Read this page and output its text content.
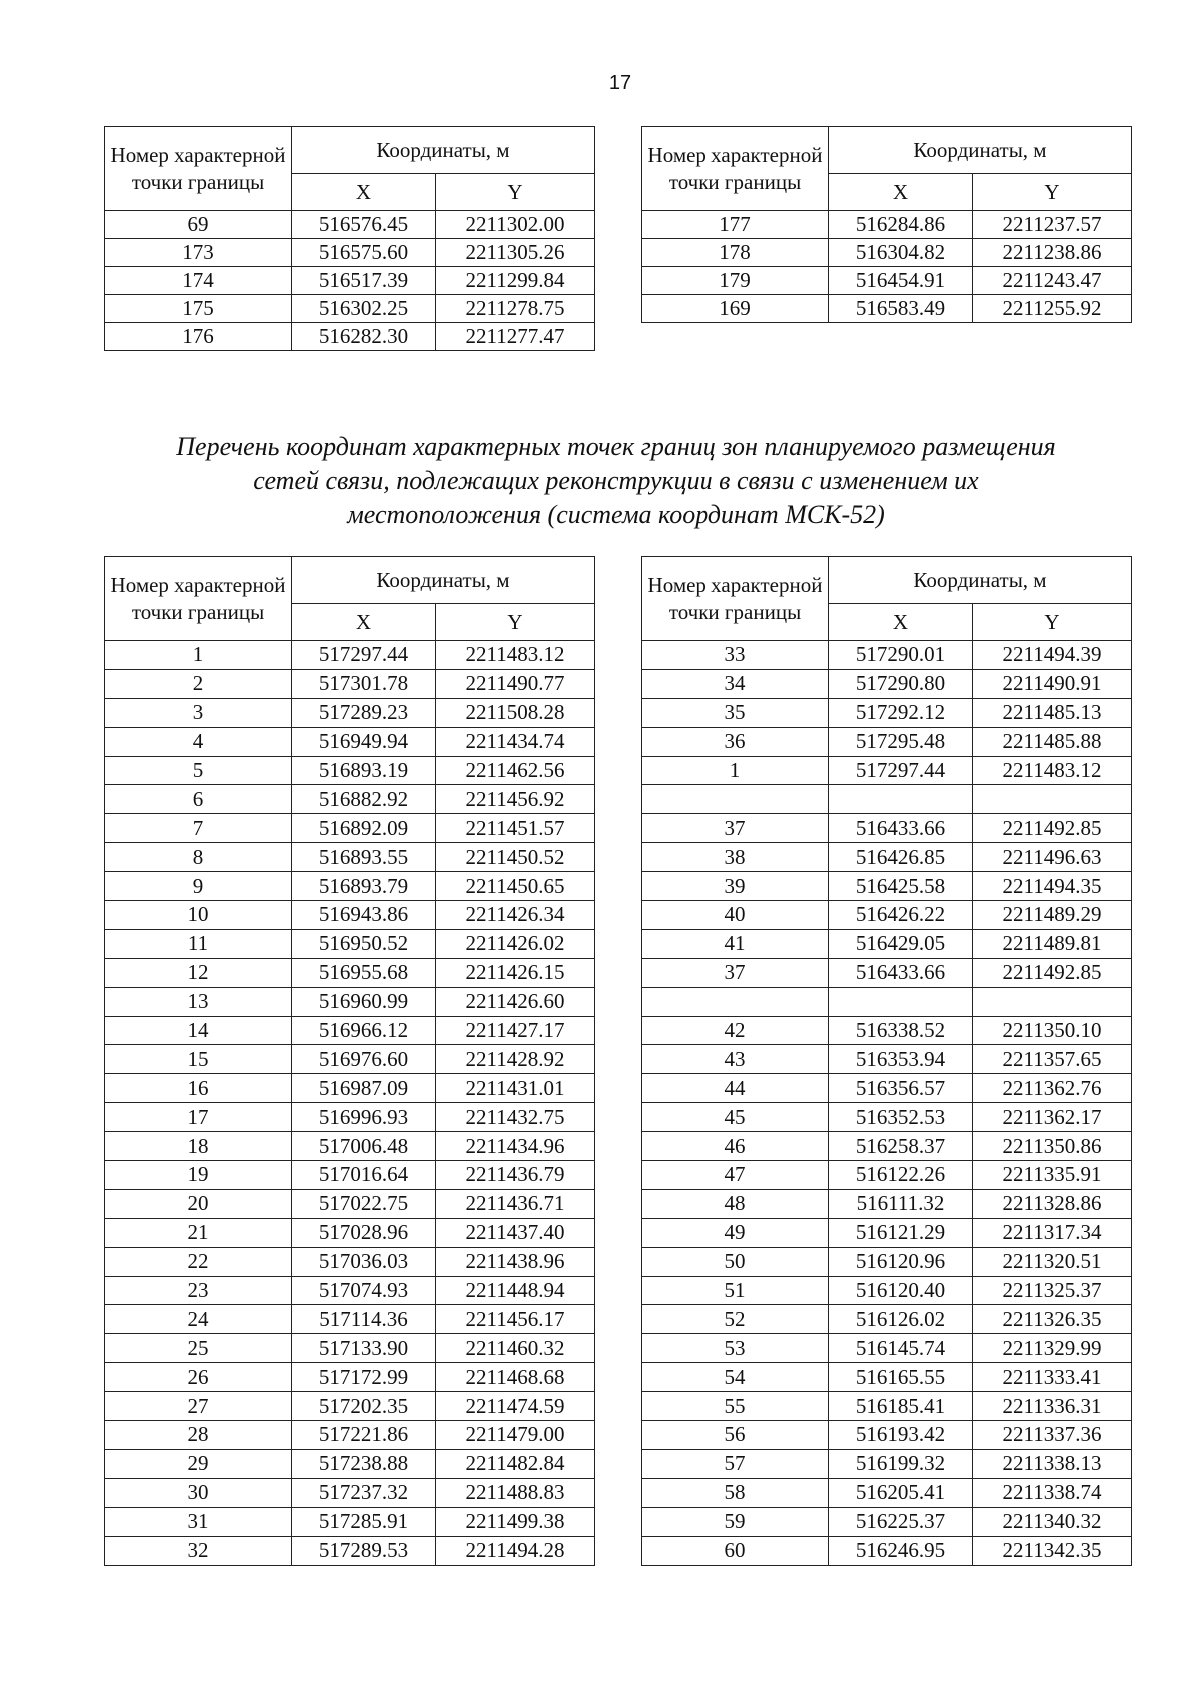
17
Номер характерной точки границы	Координаты, м	
	X	Y
69	516576.45	2211302.00
173	516575.60	2211305.26
174	516517.39	2211299.84
175	516302.25	2211278.75
176	516282.30	2211277.47
Номер характерной точки границы	Координаты, м	
	X	Y
177	516284.86	2211237.57
178	516304.82	2211238.86
179	516454.91	2211243.47
169	516583.49	2211255.92
Перечень координат характерных точек границ зон планируемого размещения
сетей связи, подлежащих реконструкции в связи с изменением их
местоположения (система координат МСК-52)
Номер характерной точки границы	Координаты, м	
	X	Y
1	517297.44	2211483.12
2	517301.78	2211490.77
3	517289.23	2211508.28
4	516949.94	2211434.74
5	516893.19	2211462.56
6	516882.92	2211456.92
7	516892.09	2211451.57
8	516893.55	2211450.52
9	516893.79	2211450.65
10	516943.86	2211426.34
11	516950.52	2211426.02
12	516955.68	2211426.15
13	516960.99	2211426.60
14	516966.12	2211427.17
15	516976.60	2211428.92
16	516987.09	2211431.01
17	516996.93	2211432.75
18	517006.48	2211434.96
19	517016.64	2211436.79
20	517022.75	2211436.71
21	517028.96	2211437.40
22	517036.03	2211438.96
23	517074.93	2211448.94
24	517114.36	2211456.17
25	517133.90	2211460.32
26	517172.99	2211468.68
27	517202.35	2211474.59
28	517221.86	2211479.00
29	517238.88	2211482.84
30	517237.32	2211488.83
31	517285.91	2211499.38
32	517289.53	2211494.28
Номер характерной точки границы	Координаты, м	
	X	Y
33	517290.01	2211494.39
34	517290.80	2211490.91
35	517292.12	2211485.13
36	517295.48	2211485.88
1	517297.44	2211483.12

37	516433.66	2211492.85
38	516426.85	2211496.63
39	516425.58	2211494.35
40	516426.22	2211489.29
41	516429.05	2211489.81
37	516433.66	2211492.85

42	516338.52	2211350.10
43	516353.94	2211357.65
44	516356.57	2211362.76
45	516352.53	2211362.17
46	516258.37	2211350.86
47	516122.26	2211335.91
48	516111.32	2211328.86
49	516121.29	2211317.34
50	516120.96	2211320.51
51	516120.40	2211325.37
52	516126.02	2211326.35
53	516145.74	2211329.99
54	516165.55	2211333.41
55	516185.41	2211336.31
56	516193.42	2211337.36
57	516199.32	2211338.13
58	516205.41	2211338.74
59	516225.37	2211340.32
60	516246.95	2211342.35
